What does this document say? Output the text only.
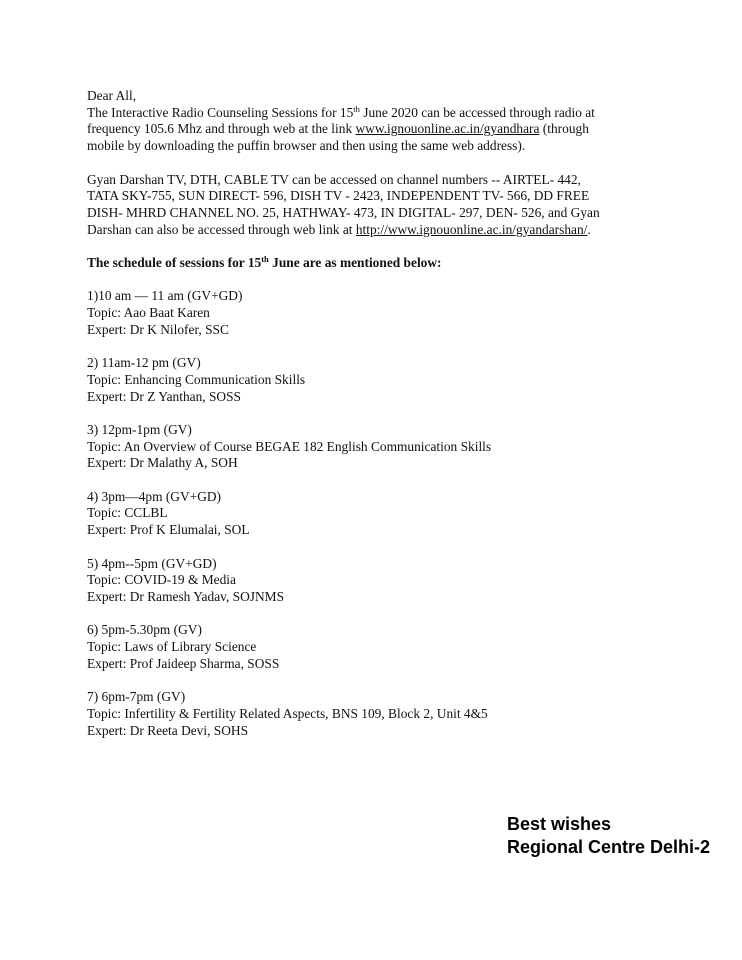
Dear All,
The Interactive Radio Counseling Sessions for 15th June 2020 can be accessed through radio at
frequency 105.6 Mhz and through web at the link www.ignouonline.ac.in/gyandhara (through
mobile by downloading the puffin browser and then using the same web address).
Gyan Darshan TV, DTH, CABLE TV can be accessed on channel numbers -- AIRTEL- 442,
TATA SKY-755, SUN DIRECT- 596, DISH TV - 2423, INDEPENDENT TV- 566, DD FREE
DISH- MHRD CHANNEL NO. 25, HATHWAY- 473, IN DIGITAL- 297, DEN- 526, and Gyan
Darshan can also be accessed through web link at http://www.ignouonline.ac.in/gyandarshan/.
The schedule of sessions for 15th June are as mentioned below:
1)10 am — 11 am (GV+GD)
Topic: Aao Baat Karen
Expert: Dr K Nilofer, SSC
2) 11am-12 pm (GV)
Topic: Enhancing Communication Skills
Expert: Dr Z Yanthan, SOSS
3) 12pm-1pm (GV)
Topic: An Overview of Course BEGAE 182 English Communication Skills
Expert: Dr Malathy A, SOH
4) 3pm—4pm (GV+GD)
Topic: CCLBL
Expert: Prof K Elumalai, SOL
5) 4pm--5pm (GV+GD)
Topic: COVID-19 & Media
Expert: Dr Ramesh Yadav, SOJNMS
6) 5pm-5.30pm (GV)
Topic: Laws of Library Science
Expert: Prof Jaideep Sharma, SOSS
7) 6pm-7pm (GV)
Topic: Infertility & Fertility Related Aspects, BNS 109, Block 2, Unit 4&5
Expert: Dr Reeta Devi, SOHS
Best wishes
Regional Centre Delhi-2
